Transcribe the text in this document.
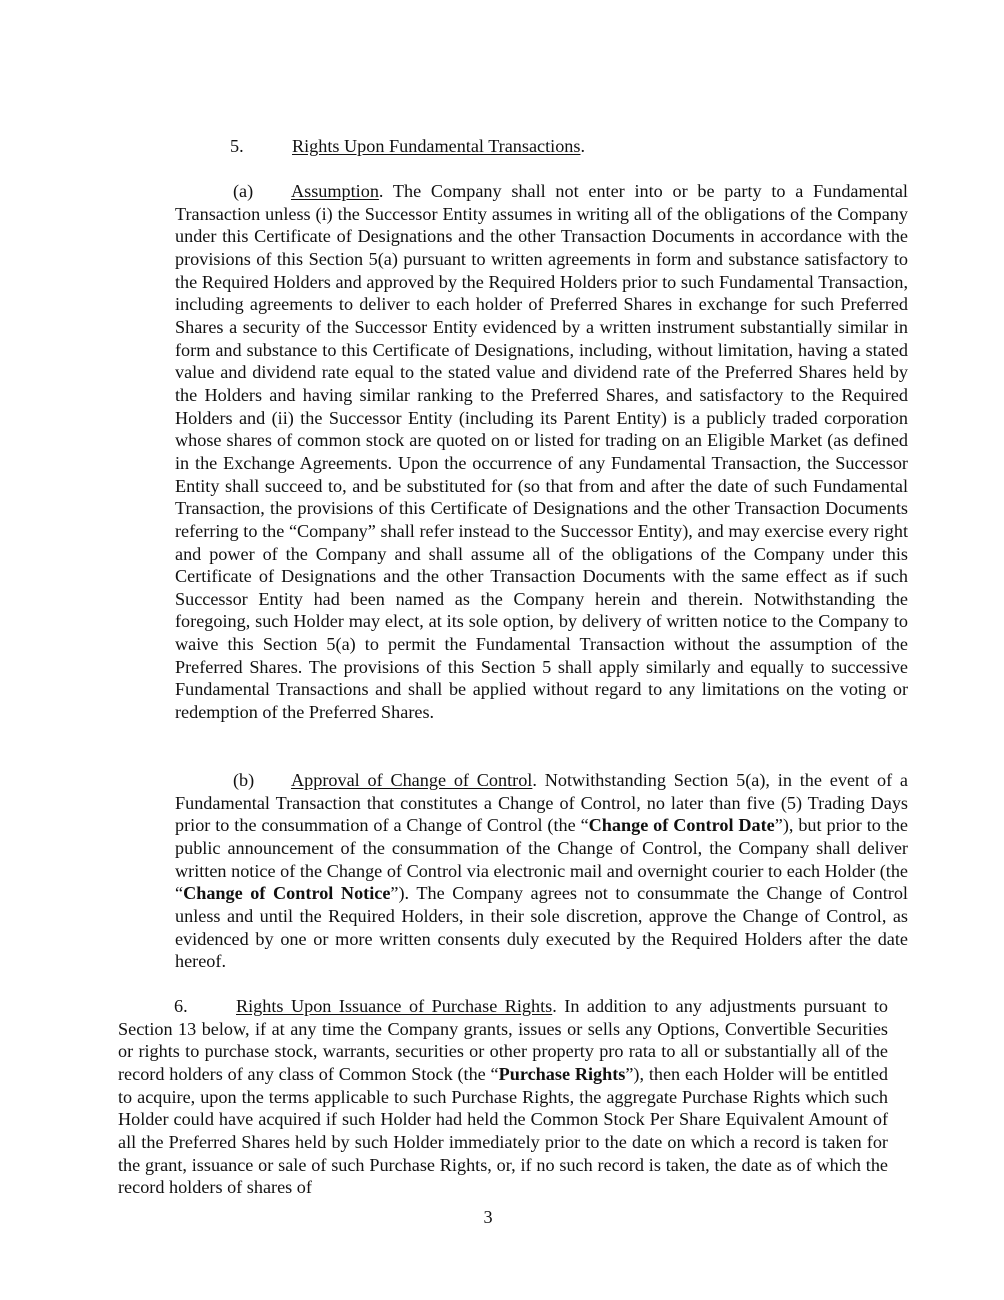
5.	Rights Upon Fundamental Transactions.

(a) Assumption. The Company shall not enter into or be party to a Fundamental Transaction unless (i) the Successor Entity assumes in writing all of the obligations of the Company under this Certificate of Designations and the other Transaction Documents in accordance with the provisions of this Section 5(a) pursuant to written agreements in form and substance satisfactory to the Required Holders and approved by the Required Holders prior to such Fundamental Transaction, including agreements to deliver to each holder of Preferred Shares in exchange for such Preferred Shares a security of the Successor Entity evidenced by a written instrument substantially similar in form and substance to this Certificate of Designations, including, without limitation, having a stated value and dividend rate equal to the stated value and dividend rate of the Preferred Shares held by the Holders and having similar ranking to the Preferred Shares, and satisfactory to the Required Holders and (ii) the Successor Entity (including its Parent Entity) is a publicly traded corporation whose shares of common stock are quoted on or listed for trading on an Eligible Market (as defined in the Exchange Agreements. Upon the occurrence of any Fundamental Transaction, the Successor Entity shall succeed to, and be substituted for (so that from and after the date of such Fundamental Transaction, the provisions of this Certificate of Designations and the other Transaction Documents referring to the “Company” shall refer instead to the Successor Entity), and may exercise every right and power of the Company and shall assume all of the obligations of the Company under this Certificate of Designations and the other Transaction Documents with the same effect as if such Successor Entity had been named as the Company herein and therein. Notwithstanding the foregoing, such Holder may elect, at its sole option, by delivery of written notice to the Company to waive this Section 5(a) to permit the Fundamental Transaction without the assumption of the Preferred Shares. The provisions of this Section 5 shall apply similarly and equally to successive Fundamental Transactions and shall be applied without regard to any limitations on the voting or redemption of the Preferred Shares.

(b) Approval of Change of Control. Notwithstanding Section 5(a), in the event of a Fundamental Transaction that constitutes a Change of Control, no later than five (5) Trading Days prior to the consummation of a Change of Control (the “Change of Control Date”), but prior to the public announcement of the consummation of the Change of Control, the Company shall deliver written notice of the Change of Control via electronic mail and overnight courier to each Holder (the “Change of Control Notice”). The Company agrees not to consummate the Change of Control unless and until the Required Holders, in their sole discretion, approve the Change of Control, as evidenced by one or more written consents duly executed by the Required Holders after the date hereof.

6.	Rights Upon Issuance of Purchase Rights. In addition to any adjustments pursuant to Section 13 below, if at any time the Company grants, issues or sells any Options, Convertible Securities or rights to purchase stock, warrants, securities or other property pro rata to all or substantially all of the record holders of any class of Common Stock (the “Purchase Rights”), then each Holder will be entitled to acquire, upon the terms applicable to such Purchase Rights, the aggregate Purchase Rights which such Holder could have acquired if such Holder had held the Common Stock Per Share Equivalent Amount of all the Preferred Shares held by such Holder immediately prior to the date on which a record is taken for the grant, issuance or sale of such Purchase Rights, or, if no such record is taken, the date as of which the record holders of shares of

3
